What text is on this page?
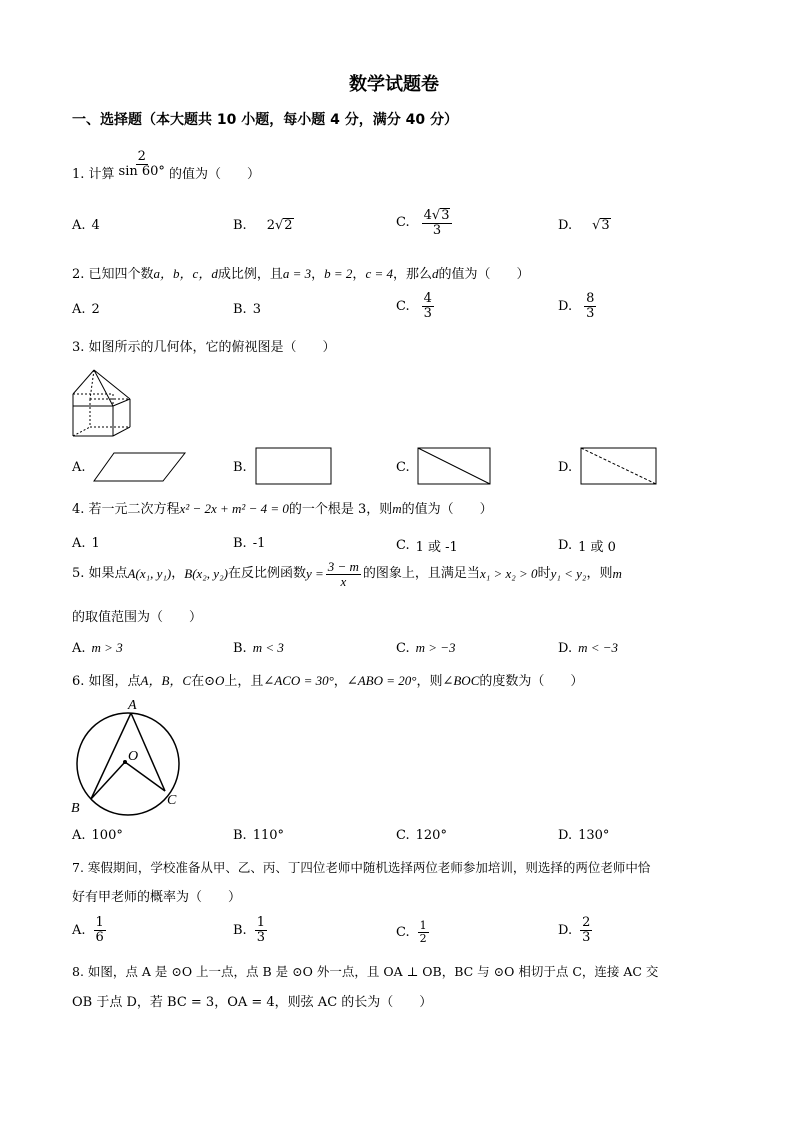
数学试题卷
一、选择题（本大题共 10 小题，每小题 4 分，满分 40 分）
1. 计算 $\frac{2}{\sin 60^\circ}$ 的值为（　　）
A. 4	B.	2√2	C. $\frac{4√3}{3}$	D.	√3
2. 已知四个数a，b，c，d成比例，且a = 3，b = 2，c = 4，那么d的值为（　　）
A. 2	B. 3	C. $\frac{4}{3}$	D. $\frac{8}{3}$
3. 如图所示的几何体，它的俯视图是（　　）
A.	B.	C.	D.
4. 若一元二次方程x² − 2x + m² − 4 = 0的一个根是 3，则m的值为（　　）
A. 1	B. -1	C. 1 或 -1	D. 1 或 0
5. 如果点 A(x₁, y₁) ， B(x₂, y₂) 在反比例函数 $y = \frac{3 - m}{x}$ 的图象上，且满足当 x₁ > x₂ > 0 时 y₁ < y₂ ，则 m
的取值范围为（　　）
A. m > 3	B. m < 3	C. m > −3	D. m < −3
6. 如图，点A，B，C在⊙O上，且∠ACO = 30°，∠ABO = 20°，则∠BOC的度数为（　　）
A
B
C
O
A. 100°	B. 110°	C. 120°	D. 130°
7. 寒假期间，学校准备从甲、乙、丙、丁四位老师中随机选择两位老师参加培训，则选择的两位老师中恰
好有甲老师的概率为（　　）
A. $\frac{1}{6}$	B. $\frac{1}{3}$	C. $\frac{1}{2}$	D. $\frac{2}{3}$
8. 如图，点 A 是 ⊙O 上一点，点 B 是 ⊙O 外一点，且 OA ⊥ OB，BC 与 ⊙O 相切于点 C，连接 AC 交
OB 于点 D，若 BC = 3，OA = 4，则弦 AC 的长为（　　）
